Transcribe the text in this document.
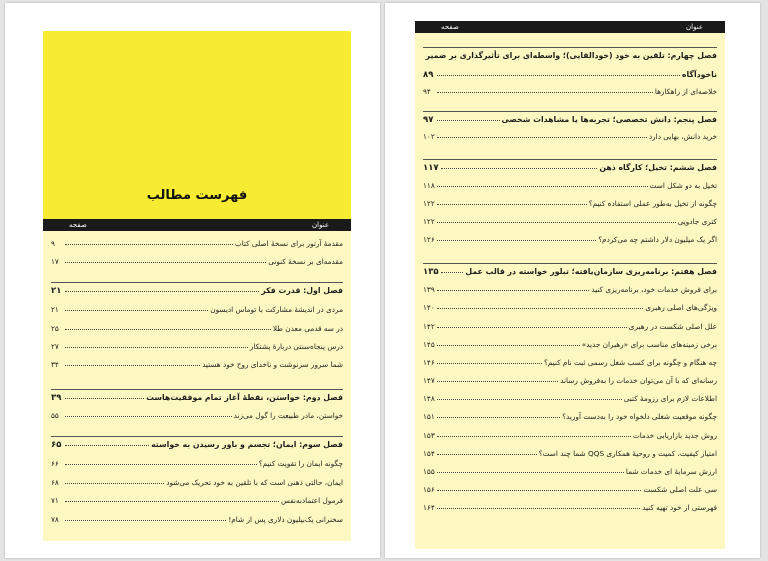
فهرست مطالب
عنوان
صفحه
مقدمهٔ آرتور برای نسخهٔ اصلی کتاب
۹
مقدمه‌ای بر نسخهٔ کنونی
۱۷
فصل اول: قدرت فکر
۲۱
مردی در اندیشهٔ مشارکت با توماس ادیسون
۲۱
در سه قدمی معدن طلا
۲۵
درس پنجاه‌سنتی دربارهٔ پشتکار
۲۷
شما سرور سرنوشت و ناخدای روح خود هستید
۳۴
فصل دوم: خواستن، نقطهٔ آغاز تمام موفقیت‌هاست
۳۹
خواستن، مادر طبیعت را گول می‌زند
۵۵
فصل سوم: ایمان؛ تجسم و باور رسیدن به خواسته
۶۵
چگونه ایمان را تقویت کنیم؟
۶۶
ایمان، حالتی ذهنی است که با تلقین به خود تحریک می‌شود
۶۸
فرمول اعتمادبه‌نفس
۷۱
سخنرانی یک‌بیلیون دلاری پس از شام!
۷۸
عنوان
صفحه
فصل چهارم: تلقین به خود (خودالقایی)؛ واسطه‌ای برای تأثیرگذاری بر ضمیر
ناخودآگاه
۸۹
خلاصه‌ای از راهکارها
۹۴
فصل پنجم: دانش تخصصی؛ تجربه‌ها یا مشاهدات شخصی
۹۷
خرید دانش، بهایی دارد
۱۰۲
فصل ششم: تخیل؛ کارگاه ذهن
۱۱۷
تخیل به دو شکل است
۱۱۸
چگونه از تخیل به‌طور عملی استفاده کنیم؟
۱۲۲
کتری جادویی
۱۲۲
اگر یک میلیون دلار داشتم چه می‌کردم؟
۱۲۶
فصل هفتم: برنامه‌ریزی سازمان‌یافته؛ تبلور خواسته در قالب عمل
۱۳۵
برای فروش خدمات خود، برنامه‌ریزی کنید
۱۳۹
ویژگی‌های اصلی رهبری
۱۴۰
علل اصلی شکست در رهبری
۱۴۲
برخی زمینه‌های مناسب برای «رهبران جدید»
۱۴۵
چه هنگام و چگونه برای کسب شغل رسمی ثبت نام کنیم؟
۱۴۶
رسانه‌ای که با آن می‌توان خدمات را به‌فروش رساند
۱۴۷
اطلاعات لازم برای رزومهٔ کتبی
۱۴۸
چگونه موقعیت شغلی دلخواه خود را به‌دست آورید؟
۱۵۱
روش جدید بازاریابی خدمات
۱۵۳
امتیاز کیفیت، کمیت و روحیهٔ همکاری QQS شما چند است؟
۱۵۴
ارزش سرمایهٔ ای خدمات شما
۱۵۵
سی علت اصلی شکست
۱۵۶
فهرستی از خود تهیه کنید
۱۶۴
